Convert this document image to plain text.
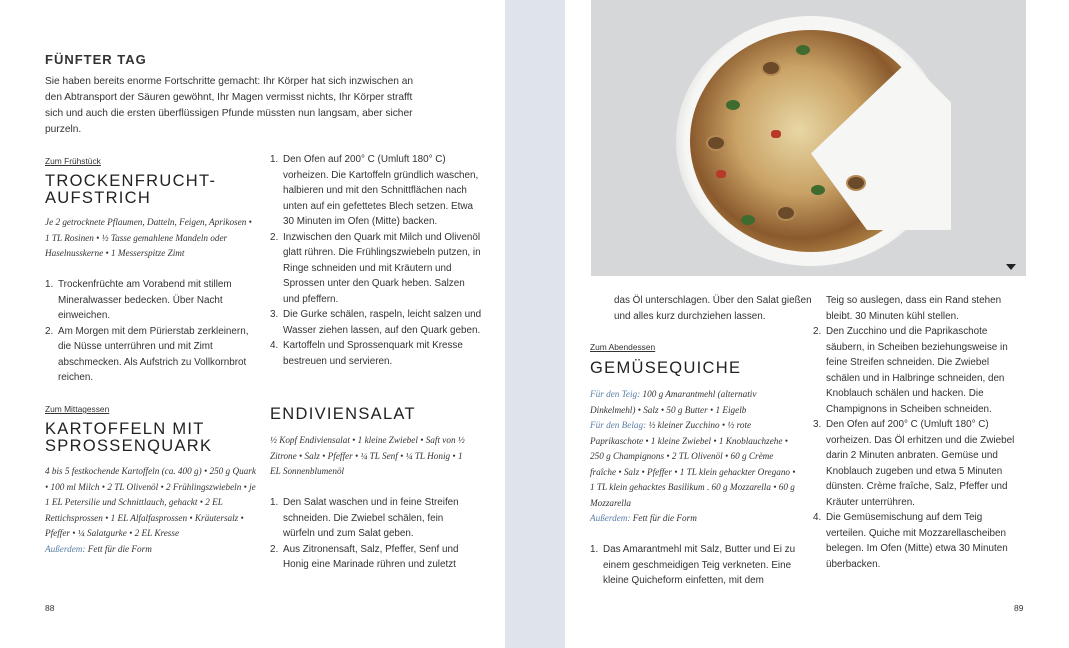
FÜNFTER TAG
Sie haben bereits enorme Fortschritte gemacht: Ihr Körper hat sich inzwischen an den Abtransport der Säuren gewöhnt, Ihr Magen vermisst nichts, Ihr Körper strafft sich und auch die ersten überflüssigen Pfunde müssten nun langsam, aber sicher purzeln.
Zum Frühstück
TROCKENFRUCHT-AUFSTRICH
Je 2 getrocknete Pflaumen, Datteln, Feigen, Aprikosen • 1 TL Rosinen • ½ Tasse gemahlene Mandeln oder Haselnusskerne • 1 Messerspitze Zimt
1. Trockenfrüchte am Vorabend mit stillem Mineralwasser bedecken. Über Nacht einweichen.
2. Am Morgen mit dem Pürierstab zerkleinern, die Nüsse unterrühren und mit Zimt abschmecken. Als Aufstrich zu Vollkornbrot reichen.
Zum Mittagessen
KARTOFFELN MIT SPROSSENQUARK
4 bis 5 festkochende Kartoffeln (ca. 400 g) • 250 g Quark • 100 ml Milch • 2 TL Olivenöl • 2 Frühlingszwiebeln • je 1 EL Petersilie und Schnittlauch, gehackt • 2 EL Rettichsprossen • 1 EL Alfalfasprossen • Kräutersalz • Pfeffer • ¼ Salatgurke • 2 EL Kresse
Außerdem: Fett für die Form
1. Den Ofen auf 200° C (Umluft 180° C) vorheizen. Die Kartoffeln gründlich waschen, halbieren und mit den Schnittflächen nach unten auf ein gefettetes Blech setzen. Etwa 30 Minuten im Ofen (Mitte) backen.
2. Inzwischen den Quark mit Milch und Olivenöl glatt rühren. Die Frühlingszwiebeln putzen, in Ringe schneiden und mit Kräutern und Sprossen unter den Quark heben. Salzen und pfeffern.
3. Die Gurke schälen, raspeln, leicht salzen und Wasser ziehen lassen, auf den Quark geben.
4. Kartoffeln und Sprossenquark mit Kresse bestreuen und servieren.
ENDIVIENSALAT
½ Kopf Endiviensalat • 1 kleine Zwiebel • Saft von ½ Zitrone • Salz • Pfeffer • ¼ TL Senf • ¼ TL Honig • 1 EL Sonnenblumenöl
1. Den Salat waschen und in feine Streifen schneiden. Die Zwiebel schälen, fein würfeln und zum Salat geben.
2. Aus Zitronensaft, Salz, Pfeffer, Senf und Honig eine Marinade rühren und zuletzt
88
das Öl unterschlagen. Über den Salat gießen und alles kurz durchziehen lassen.
Zum Abendessen
GEMÜSEQUICHE
Für den Teig: 100 g Amarantmehl (alternativ Dinkelmehl) • Salz • 50 g Butter • 1 Eigelb
Für den Belag: ½ kleiner Zucchino • ½ rote Paprikaschote • 1 kleine Zwiebel • 1 Knoblauchzehe • 250 g Champignons • 2 TL Olivenöl • 60 g Crème fraîche • Salz • Pfeffer • 1 TL klein gehackter Oregano • 1 TL klein gehacktes Basilikum . 60 g Mozzarella • 60 g Mozzarella
Außerdem: Fett für die Form
1. Das Amarantmehl mit Salz, Butter und Ei zu einem geschmeidigen Teig verkneten. Eine kleine Quicheform einfetten, mit dem
Teig so auslegen, dass ein Rand stehen bleibt. 30 Minuten kühl stellen.
2. Den Zucchino und die Paprikaschote säubern, in Scheiben beziehungsweise in feine Streifen schneiden. Die Zwiebel schälen und in Halbringe schneiden, den Knoblauch schälen und hacken. Die Champignons in Scheiben schneiden.
3. Den Ofen auf 200° C (Umluft 180° C) vorheizen. Das Öl erhitzen und die Zwiebel darin 2 Minuten anbraten. Gemüse und Knoblauch zugeben und etwa 5 Minuten dünsten. Crème fraîche, Salz, Pfeffer und Kräuter unterrühren.
4. Die Gemüsemischung auf dem Teig verteilen. Quiche mit Mozzarellascheiben belegen. Im Ofen (Mitte) etwa 30 Minuten überbacken.
89
